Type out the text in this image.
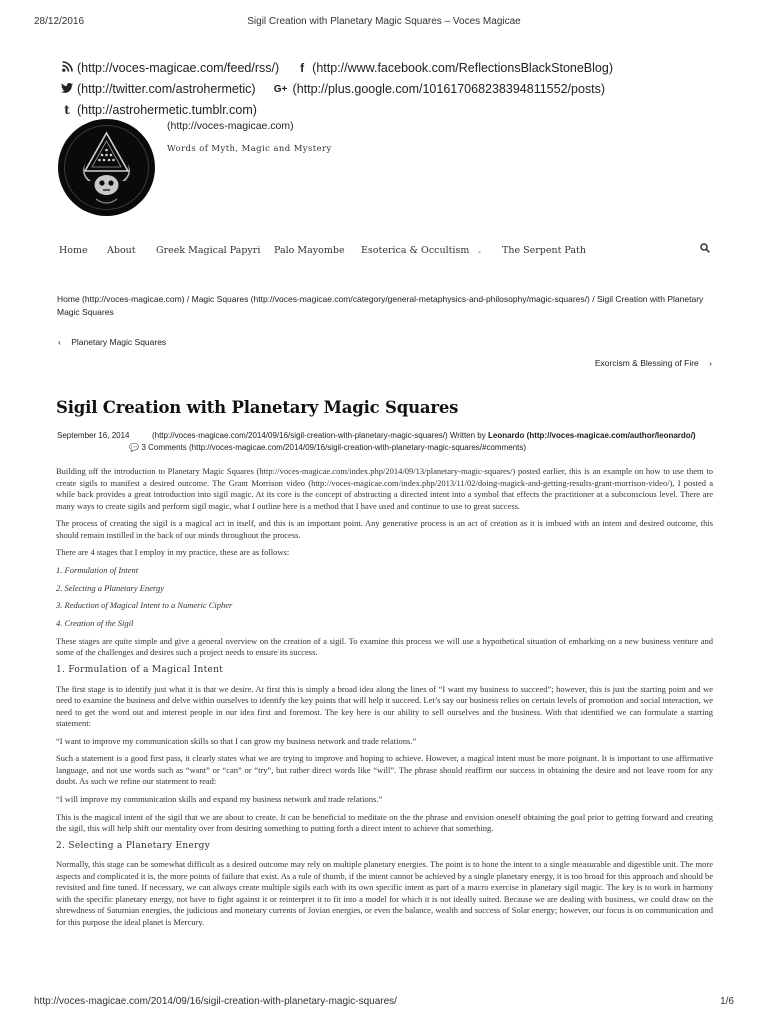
28/12/2016	Sigil Creation with Planetary Magic Squares – Voces Magicae
(http://voces-magicae.com/feed/rss/)	f (http://www.facebook.com/ReflectionsBlackStoneBlog)
(http://twitter.com/astrohermetic) G+ (http://plus.google.com/101617068238394811552/posts)
t (http://astrohermetic.tumblr.com)
(http://voces-magicae.com)
Words of Myth, Magic and Mystery
Home About Greek Magical Papyri Palo Mayombe Esoterica & Occultism ⌄ The Serpent Path
Home (http://voces-magicae.com) / Magic Squares (http://voces-magicae.com/category/general-metaphysics-and-philosophy/magic-squares/) / Sigil Creation with Planetary Magic Squares
‹ Planetary Magic Squares
Exorcism & Blessing of Fire ›
Sigil Creation with Planetary Magic Squares
September 16, 2014	(http://voces-magicae.com/2014/09/16/sigil-creation-with-planetary-magic-squares/) Written by Leonardo (http://voces-magicae.com/author/leonardo/)  💬 3 Comments (http://voces-magicae.com/2014/09/16/sigil-creation-with-planetary-magic-squares/#comments)

Building off the introduction to Planetary Magic Squares (http://voces-magicae.com/index.php/2014/09/13/planetary-magic-squares/) posted earlier, this is an example on how to use them to create sigils to manifest a desired outcome. The Grant Morrison video (http://voces-magicae.com/index.php/2013/11/02/doing-magick-and-getting-results-grant-morrison-video/), I posted a while back provides a great introduction into sigil magic. At its core is the concept of abstracting a directed intent into a symbol that effects the practitioner at a subconscious level. There are many ways to create sigils and perform sigil magic, what I outline here is a method that I have used and continue to use to great success.

The process of creating the sigil is a magical act in itself, and this is an important point. Any generative process is an act of creation as it is imbued with an intent and desired outcome, this should remain instilled in the back of our minds throughout the process.

There are 4 stages that I employ in my practice, these are as follows:

1. Formulation of Intent

2. Selecting a Planetary Energy

3. Reduction of Magical Intent to a Numeric Cipher

4. Creation of the Sigil

These stages are quite simple and give a general overview on the creation of a sigil. To examine this process we will use a hypothetical situation of embarking on a new business venture and some of the challenges and desires such a project needs to ensure its success.

1. Formulation of a Magical Intent

The first stage is to identify just what it is that we desire. At first this is simply a broad idea along the lines of “I want my business to succeed”; however, this is just the starting point and we need to examine the business and delve within ourselves to identify the key points that will help it succeed. Let’s say our business relies on certain levels of promotion and social interaction, we need to get the word out and interest people in our idea first and foremost. The key here is our ability to sell ourselves and the business. With that identified we can formulate a starting statement:

“I want to improve my communication skills so that I can grow my business network and trade relations.”

Such a statement is a good first pass, it clearly states what we are trying to improve and hoping to achieve. However, a magical intent must be more poignant. It is important to use affirmative language, and not use words such as “want” or “can” or “try”, but rather direct words like “will”. The phrase should reaffirm our success in obtaining the desire and not leave room for any doubt. As such we refine our statement to read:

“I will improve my communication skills and expand my business network and trade relations.”

This is the magical intent of the sigil that we are about to create. It can be beneficial to meditate on the the phrase and envision oneself obtaining the goal prior to getting forward and creating the sigil, this will help shift our mentality over from desiring something to putting forth a direct intent to achieve that something.

2. Selecting a Planetary Energy

Normally, this stage can be somewhat difficult as a desired outcome may rely on multiple planetary energies. The point is to hone the intent to a single measurable and digestible unit. The more aspects and complicated it is, the more points of failure that exist. As a rule of thumb, if the intent cannot be achieved by a single planetary energy, it is too broad for this approach and should be revisited and fine tuned. If necessary, we can always create multiple sigils each with its own specific intent as part of a macro exercise in planetary sigil magic. The key is to work in harmony with the specific planetary energy, not have to fight against it or reinterpret it to fit into a model for which it is not ideally suited. Because we are dealing with business, we could draw on the shrewdness of Saturnian energies, the judicious and monetary currents of Jovian energies, or even the balance, wealth and success of Solar energy; however, our focus is on communication and for this purpose the ideal planet is Mercury.

http://voces-magicae.com/2014/09/16/sigil-creation-with-planetary-magic-squares/	1/6
